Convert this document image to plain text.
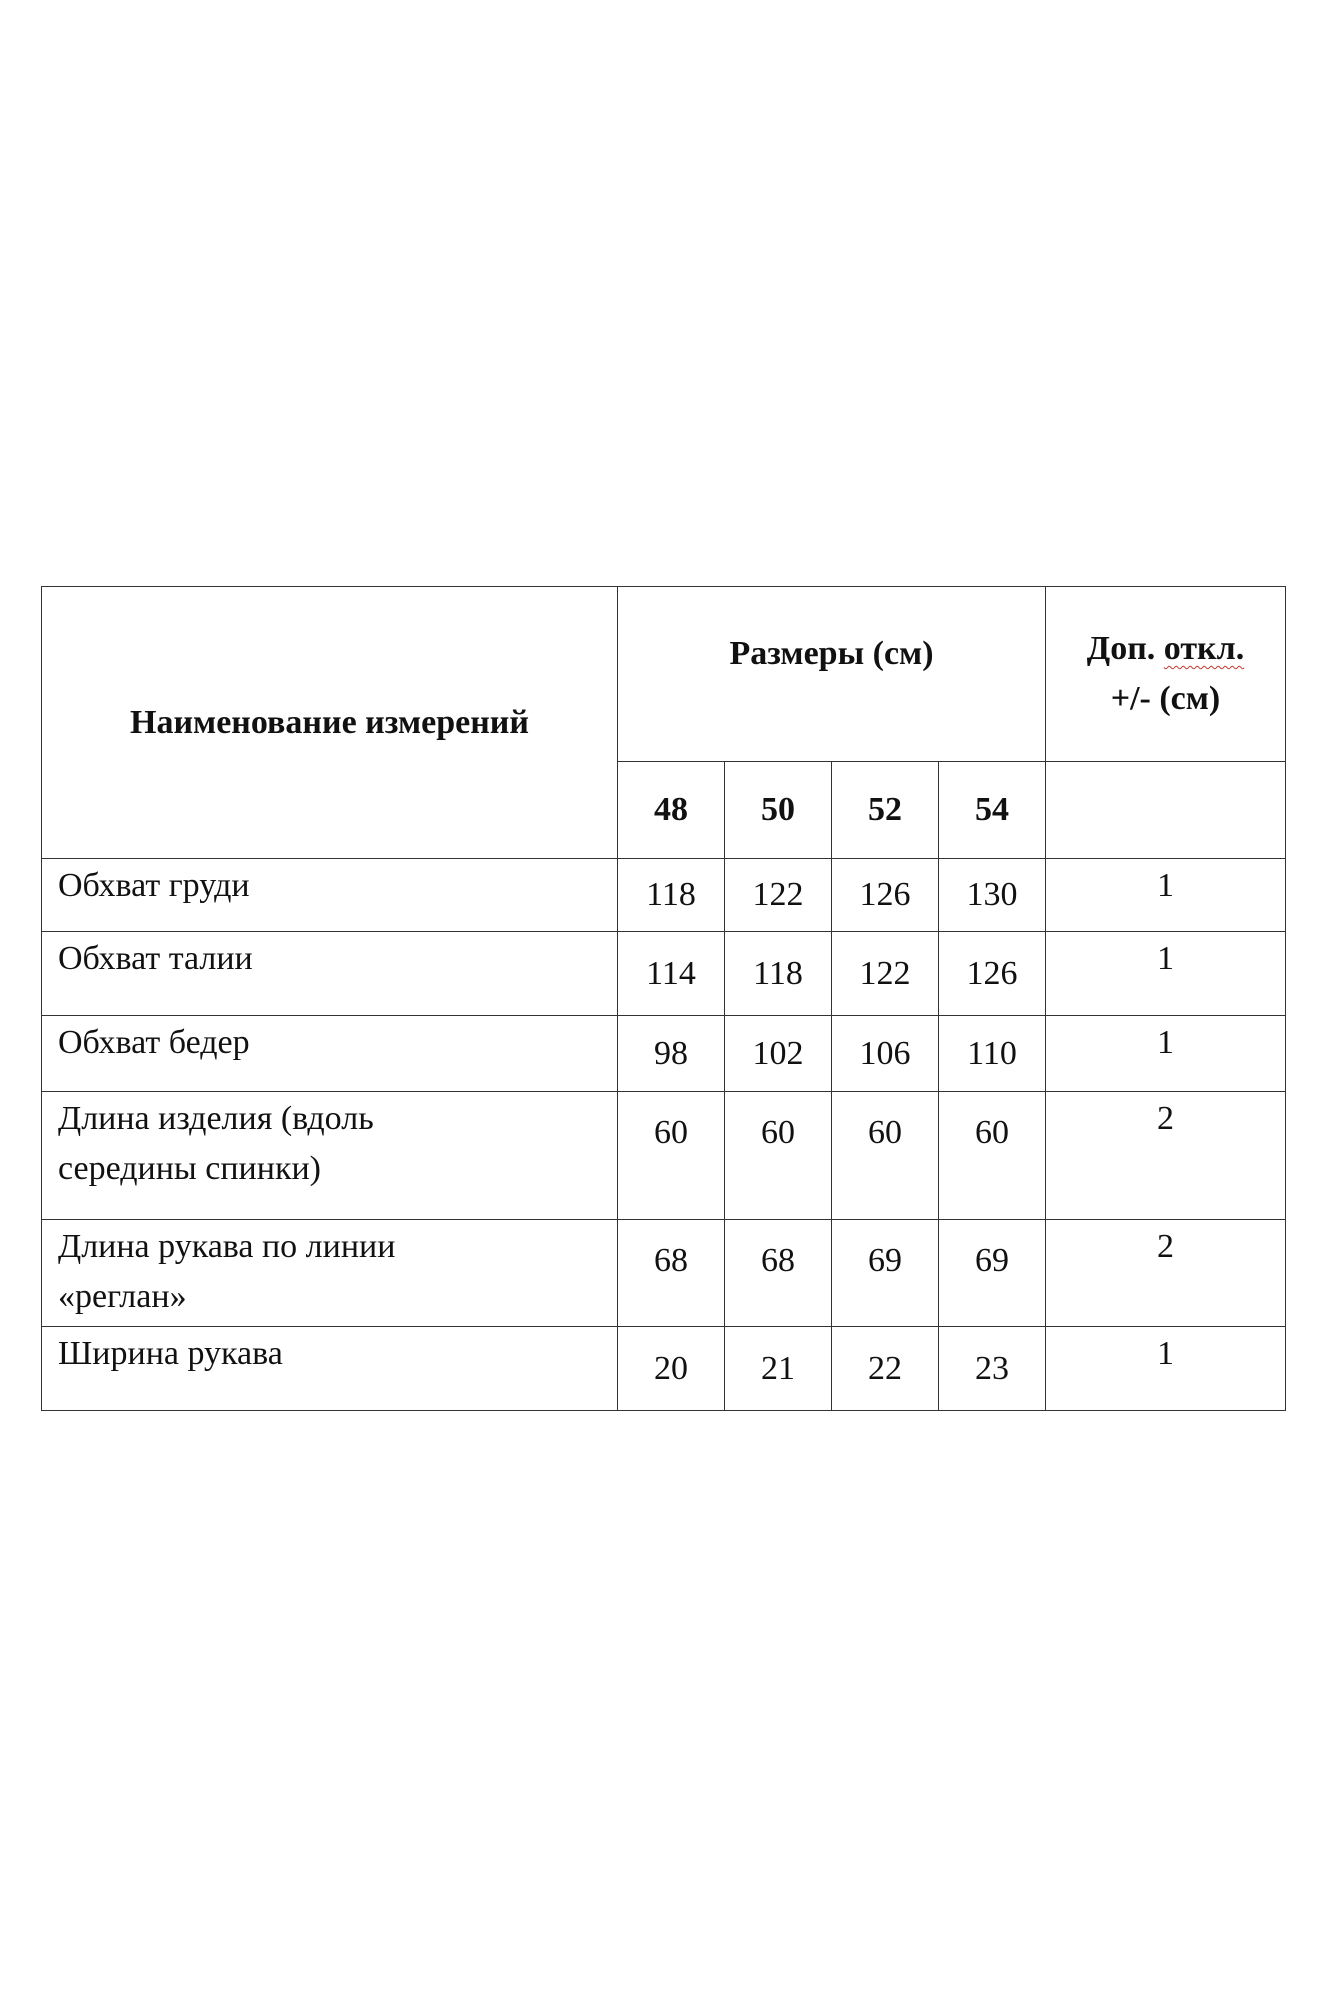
Наименование измерений	Размеры (см)				Доп. откл.
+/- (см)
	48	50	52	54	
Обхват груди	118	122	126	130	1
Обхват талии	114	118	122	126	1
Обхват бедер	98	102	106	110	1
Длина изделия (вдоль
середины спинки)	60	60	60	60	2
Длина рукава по линии
«реглан»	68	68	69	69	2
Ширина рукава	20	21	22	23	1
